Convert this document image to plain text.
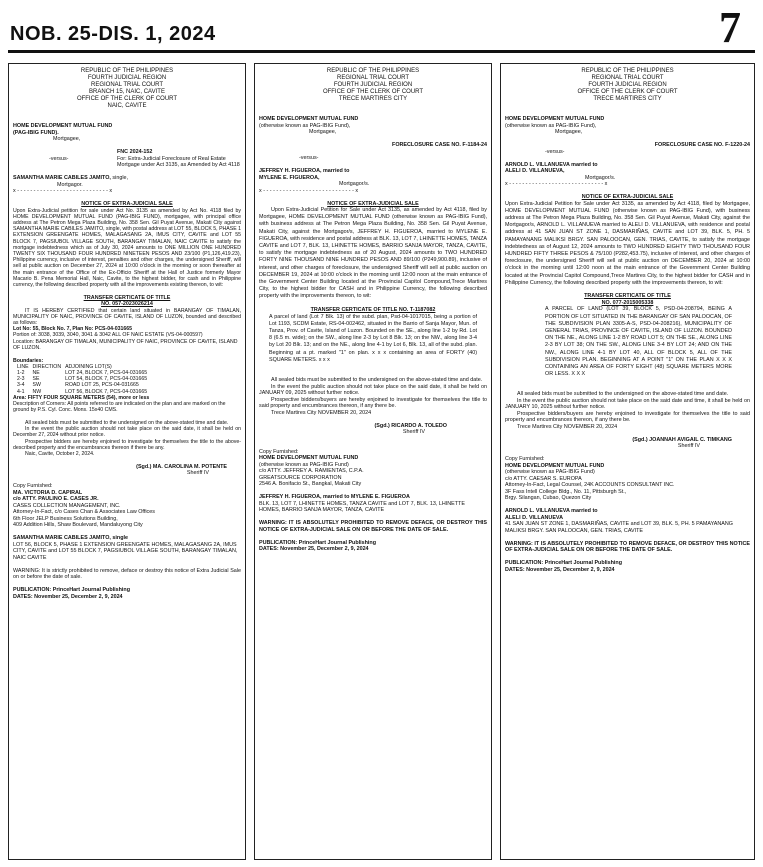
NOB. 25-DIS. 1, 2024	7

REPUBLIC OF THE PHILIPPINES

FOURTH JUDICIAL REGION

REGIONAL TRIAL COURT

BRANCH 15, NAIC, CAVITE

OFFICE OF THE CLERK OF COURT

NAIC, CAVITE

HOME DEVELOPMENT MUTUAL FUND

(PAG-IBIG FUND).

Mortgagee,

FNC 2024-152

-versus-	For: Extra-Judicial Foreclosure of Real Estate Mortgage under Act 3135, as Amended by Act 4118

SAMANTHA MARIE CABILES JAMITO, single,

Mortgagor.

x - - - - - - - - - - - - - - - - - - - - - - - - - - - - x

NOTICE OF EXTRA-JUDICIAL SALE

Upon Extra-Judicial petition for sale under Act No. 3135 as amended by Act No. 4118 filed by HOME DEVELOPMENT MUTUAL FUND (PAG-IBIG FUND), mortgagee, with principal office address at The Petron Mega Plaza Building, No. 358 Sen. Gil Puyat Avenue, Makati City against SAMANTHA MARIE CABILES JAMITO, single, with postal address at LOT 55, BLOCK 5, PHASE 1 EXTENSION GREENGATE HOMES, MALAGASANG 2A, IMUS CITY, CAVITE and LOT 55 BLOCK 7, PAGSIUBOL VILLAGE SOUTH, BARANGAY TIMALAN, NAIC CAVITE to satisfy the mortgage indebtedness which as of July 30, 2024 amounts to ONE MILLION ONE HUNDRED TWENTY SIX THOUSAND FOUR HUNDRED NINETEEN PESOS AND 23/100 (P1,126,419.23), Philippine currency, inclusive of interest, penalties and other charges, the undersigned Sheriff, will sell at public auction on December 27, 2024 at 10:00 o'clock in the morning or soon thereafter at the main entrance of the Office of the Ex-Officio Sheriff at the Hall of Justice formerly Mayor Macario B. Pena Memorial Hall, Naic, Cavite, to the highest bidder, for cash and in Philippine currency, the following described property with all the improvements existing thereon, to wit:

TRANSFER CERTICATE OF TITLE

NO. 057-2023026214

IT IS HEREBY CERTIFIED that certain land situated in BARANGAY OF TIMALAN, MUNICIPALITY OF NAIC, PROVINCE OF CAVITE, ISLAND OF LUZON, bounded and described as follows:

Lot No: 55, Block No. 7, Plan No: PCS-04-031665

Portion of: 3038, 3039, 3040, 3041 & 3042 ALL OF NAIC ESTATE (VS-04-000597)

Location: BARANGAY OF TIMALAN, MUNICIPALITY OF NAIC, PROVINCE OF CAVITE, ISLAND OF LUZON.

Boundaries:

LINE	DIRECTION	ADJOINING LOT(S)
1-2	NE	LOT 24, BLOCK 7, PCS-04-031665
2-3	SE	LOT 54, BLOCK 7, PCS-04-031665
3-4	SW	ROAD LOT 25, PCS-04-031665
4-1	NW	LOT 56, BLOCK 7, PCS-04-031665

Area: FIFTY FOUR SQUARE METERS (54), more or less

Description of Corners: All points referred to are indicated on the plan and are marked on the ground by P.S. Cyl. Conc. Mons. 15x40 CMS.

All sealed bids must be submitted to the undersigned on the above-stated time and date.

In the event the public auction should not take place on the said date, it shall be held on December 27, 2024 without prior notice.

Prospective bidders are hereby enjoined to investigate for themselves the title to the above-described property and the encumbrances thereon if there be any.

Naic, Cavite, October 2, 2024.

(Sgd.) MA. CAROLINA M. POTENTE

Sheriff IV

Copy Furnished:

MA. VICTORIA D. CAPIRAL

c/o ATTY. PAULINO E. CASES JR.

CASES COLLECTION MANAGEMENT, INC.

Attorney-In-Fact, c/o Cases Chan & Associates Law Offices

6th Floor JELP Business Solutions Building,

409 Addition Hills, Shaw Boulevard, Mandaluyong City

SAMANTHA MARIE CABILES JAMITO, single

LOT 56, BLOCK 5, PHASE 1 EXTENSION GREENGATE HOMES, MALAGASANG 2A, IMUS CITY, CAVITE and LOT 55 BLOCK 7, PAGSIUBOL VILLAGE SOUTH, BARANGAY TIMALAN, NAIC CAVITE

WARNING: It is strictly prohibited to remove, deface or destroy this notice of Extra Judicial Sale on or before the date of sale.

PUBLICATION: PrinceHart Journal Publishing

DATES: November 25, December 2, 9, 2024

REPUBLIC OF THE PHILIPPINES

REGIONAL TRIAL COURT

FOURTH JUDICIAL REGION

OFFICE OF THE CLERK OF COURT

TRECE MARTIRES CITY

HOME DEVELOPMENT MUTUAL FUND

(otherwise known as PAG-IBIG Fund),

Mortgagee,

FORECLOSURE CASE NO. F-1184-24

-versus-

JEFFREY H. FIGUEROA, married to

MYLENE E. FIGUEROA,

Mortgagor/s.

x - - - - - - - - - - - - - - - - - - - - - - - - - - - - x

NOTICE OF EXTRA-JUDICIAL SALE

Upon Extra-Judicial Petition for Sale under Act 3135, as amended by Act 4118, filed by Mortgagee, HOME DEVELOPMENT MUTUAL FUND (otherwise known as PAG-IBIG Fund), with business address at The Petron Mega Plaza Building, No. 358 Sen. Gil Puyat Avenue, Makati City, against the Mortgagor/s, JEFFREY H. FIGUEROA, married to MYLENE E. FIGUEROA, with residence and postal address at BLK. 13, LOT 7, LHINETTE HOMES, TANZA CAVITE and LOT 7, BLK. 13, LHINETTE HOMES, BARRIO SANJA MAYOR, TANZA, CAVITE, to satisfy the mortgage indebtedness as of 20 August, 2024 amounts to TWO HUNDRED FORTY NINE THOUSAND NINE HUNDRED PESOS AND 89/100 (P249,900.89), inclusive of interest, and other charges of foreclosure, the undersigned Sheriff will sell at public auction on DECEMBER 19, 2024 at 10:00 o'clock in the morning until 12:00 noon at the main entrance of the Government Center Building located at the Provincial Capitol Compound,Trece Martires City, to the highest bidder for CASH and in Philippine Currency, the following described property with the improvements thereon, to wit:

TRANSFER CERTICATE OF TITLE NO. T-1187082

A parcel of land (Lot 7 Blk. 13) of the subd. plan, Psd-04-1017015, being a portion of Lot 1193, SCDM Estate, RS-04-002462, situated in the Barrio of Sanja Mayor, Mun. of Tanza, Prov. of Cavite, Island of Luzon. Bounded on the SE., along line 1-2 by Rd. Lot 8 (6.5 m. wide); on the SW., along line 2-3 by Lot 8 Blk. 13; on the NW., along line 3-4 by Lot 20 Blk. 13; and on the NE., along line 4-1 by Lot 6, Blk. 13, all of the subd. plan. Beginning at a pt. marked "1" on plan. x x x containing an area of FORTY (40) SQUARE METERS. x x x

All sealed bids must be submitted to the undersigned on the above-stated time and date.

In the event the public auction should not take place on the said date, it shall be held on JANUARY 09, 2025 without further notice.

Prospective bidders/buyers are hereby enjoined to investigate for themselves the title to said property and encumbrances thereon, if any there be.

Trece Martires City NOVEMBER 20, 2024

(Sgd.) RICARDO A. TOLEDO

Sheriff IV

Copy Furnished:

HOME DEVELOPMENT MUTUAL FUND

(otherwise known as PAG-IBIG Fund)

c/o ATTY. JEFFREY A. RAMIENTAS, C.P.A.

GREATSOURCE CORPORATION

2546 A. Bonifacio St., Bangkal, Makati City

JEFFREY H. FIGUEROA, married to MYLENE E. FIGUEROA

BLK. 13, LOT 7, LHINETTE HOMES, TANZA CAVITE and LOT 7, BLK. 13, LHINETTE HOMES, BARRIO SANJA MAYOR, TANZA, CAVITE

WARNING: IT IS ABSOLUTELY PROHIBITED TO REMOVE DEFACE, OR DESTROY THIS NOTICE OF EXTRA-JUDICIAL SALE ON OR BEFORE THE DATE OF SALE.

PUBLICATION: PrinceHart Journal Publishing

DATES: November 25, December 2, 9, 2024

REPUBLIC OF THE PHILIPPINES

REGIONAL TRIAL COURT

FOURTH JUDICIAL REGION

OFFICE OF THE CLERK OF COURT

TRECE MARTIRES CITY

HOME DEVELOPMENT MUTUAL FUND

(otherwise known as PAG-IBIG Fund),

Mortgagee,

FORECLOSURE CASE NO. F-1220-24

-versus-

ARNOLD L. VILLANUEVA married to

ALELI D. VILLANUEVA,

Mortgagor/s.

x - - - - - - - - - - - - - - - - - - - - - - - - - - - - - x

NOTICE OF EXTRA-JUDICIAL SALE

Upon Extra-Judicial Petition for Sale under Act 3135, as amended by Act 4118, filed by Mortgagee, HOME DEVELOPMENT MUTUAL FUND (otherwise known as PAG-IBIG Fund), with business address at The Petron Mega Plaza Building, No. 358 Sen. Gil Puyat Avenue, Makati City, against the Mortgagor/s, ARNOLD L. VILLANUEVA married to ALELI D. VILLANUEVA, with residence and postal address at 41 SAN JUAN ST ZONE 1, DASMARIÑAS, CAVITE and LOT 39, BLK. 5, PH. 5 PAMAYANANG MALIKSI BRGY. SAN PALOOCAN, GEN. TRIAS, CAVITE, to satisfy the mortgage indebtedness as of August 12, 2024 amounts to TWO HUNDRED EIGHTY TWO THOUSAND FOUR HUNDRED FIFTY THREE PESOS & 75/100 (P282,453.75), inclusive of interest, and other charges of foreclosure, the undersigned Sheriff will sell at public auction on DECEMBER 20, 2024 at 10:00 o'clock in the morning until 12:00 noon at the main entrance of the Government Center Building located at the Provincial Capitol Compound,Trece Martires City, to the highest bidder for CASH and in Philippine Currency, the following described property with the improvements thereon, to wit:

TRANSFER CERTICATE OF TITLE

NO. 077-2015005338

A PARCEL OF LAND (LOT 39, BLOCK 5, PSD-04-208794, BEING A PORTION OF LOT SITUATED IN THE BARANGAY OF SAN PALOOCAN, OF THE SUBDIVISION PLAN 3305-A-S, PSD-04-208216), MUNICIPALITY OF GENERAL TRIAS, PROVINCE OF CAVITE, ISLAND OF LUZON. BOUNDED ON THE NE., ALONG LINE 1-2 BY ROAD LOT 5; ON THE SE., ALONG LINE 2-3 BY LOT 38; ON THE SW., ALONG LINE 3-4 BY LOT 24; AND ON THE NW., ALONG LINE 4-1 BY LOT 40, ALL OF BLOCK 5, ALL OF THE SUBDIVISION PLAN. BEGINNING AT A POINT "1" ON THE PLAN X X X CONTAINING AN AREA OF FORTY EIGHT (48) SQUARE METERS MORE OR LESS. X X X

All sealed bids must be submitted to the undersigned on the above-stated time and date.

In the event the public auction should not take place on the said date and time, it shall be held on JANUARY 10, 2025 without further notice.

Prospective bidders/buyers are hereby enjoined to investigate for themselves the title to said property and encumbrances thereon, if any there be.

Trece Martires City NOVEMBER 20, 2024

(Sgd.) JOANNAH AVIGAIL C. TIMKANG

Sheriff IV

Copy Furnished:

HOME DEVELOPMENT MUTUAL FUND

(otherwise known as PAG-IBIG Fund)

c/o ATTY. CAESAR S. EUROPA

Attorney-In-Fact, Legal Counsel, 24K ACCOUNTS CONSULTANT INC.

3F Fass Intell College Bldg., No. 11, Pittsburgh St.,

Brgy. Silangan, Cubao, Quezon City

ARNOLD L. VILLANUEVA married to

ALELI D. VILLANUEVA

41 SAN JUAN ST ZONE 1, DASMARIÑAS, CAVITE and LOT 39, BLK. 5, PH. 5 PAMAYANANG MALIKSI BRGY. SAN PALOOCAN, GEN. TRIAS, CAVITE

WARNING: IT IS ABSOLUTELY PROHIBITED TO REMOVE DEFACE, OR DESTROY THIS NOTICE OF EXTRA-JUDICIAL SALE ON OR BEFORE THE DATE OF SALE.

PUBLICATION: PrinceHart Journal Publishing

DATES: November 25, December 2, 9, 2024
